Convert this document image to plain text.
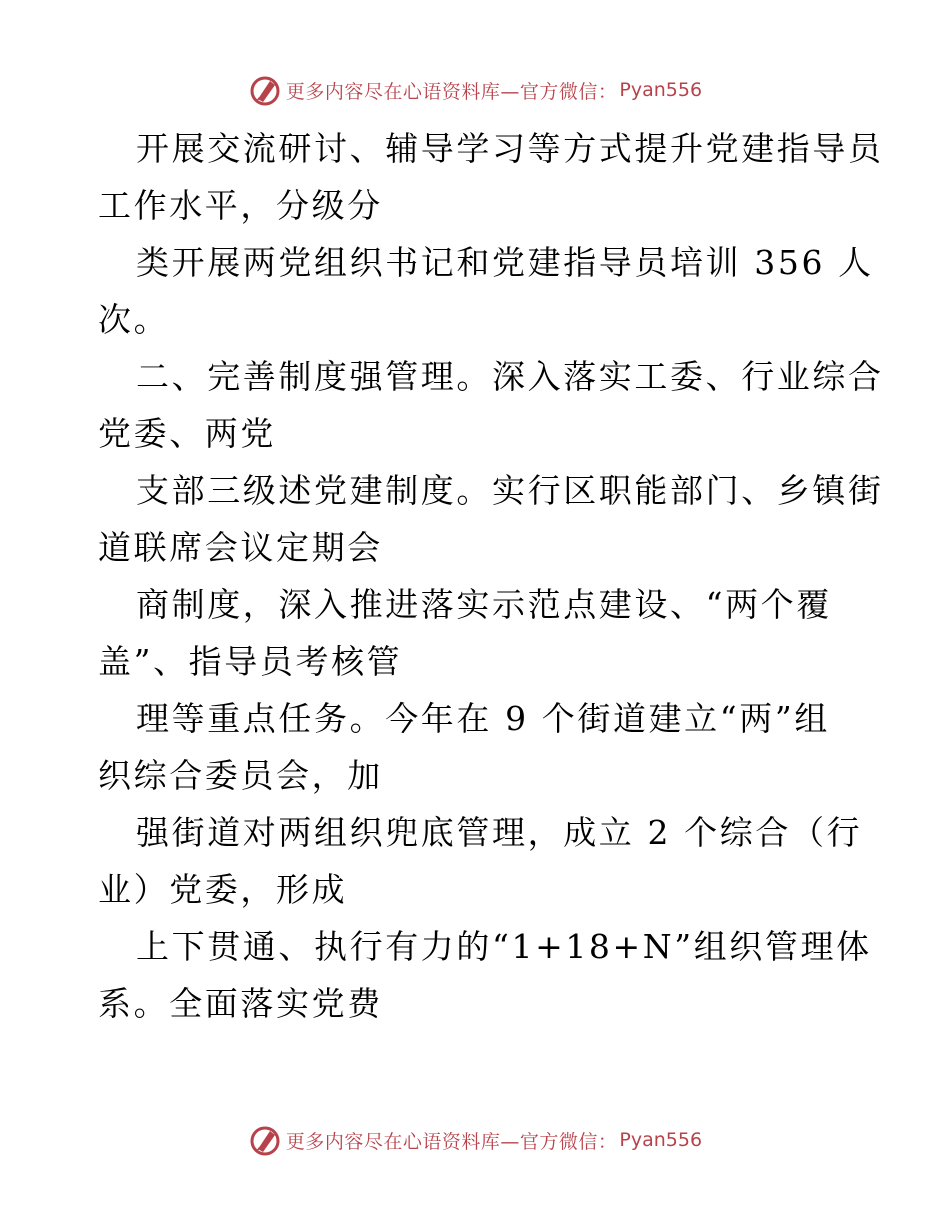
更多内容尽在心语资料库—官方微信： Pyan556
开展交流研讨、辅导学习等方式提升党建指导员
工作水平，分级分
类开展两党组织书记和党建指导员培训 356 人
次。
二、完善制度强管理。深入落实工委、行业综合
党委、两党
支部三级述党建制度。实行区职能部门、乡镇街
道联席会议定期会
商制度，深入推进落实示范点建设、“两个覆
盖”、指导员考核管
理等重点任务。今年在 9 个街道建立“两”组
织综合委员会，加
强街道对两组织兜底管理，成立 2 个综合（行
业）党委，形成
上下贯通、执行有力的“1+18+N”组织管理体
系。全面落实党费
更多内容尽在心语资料库—官方微信： Pyan556
